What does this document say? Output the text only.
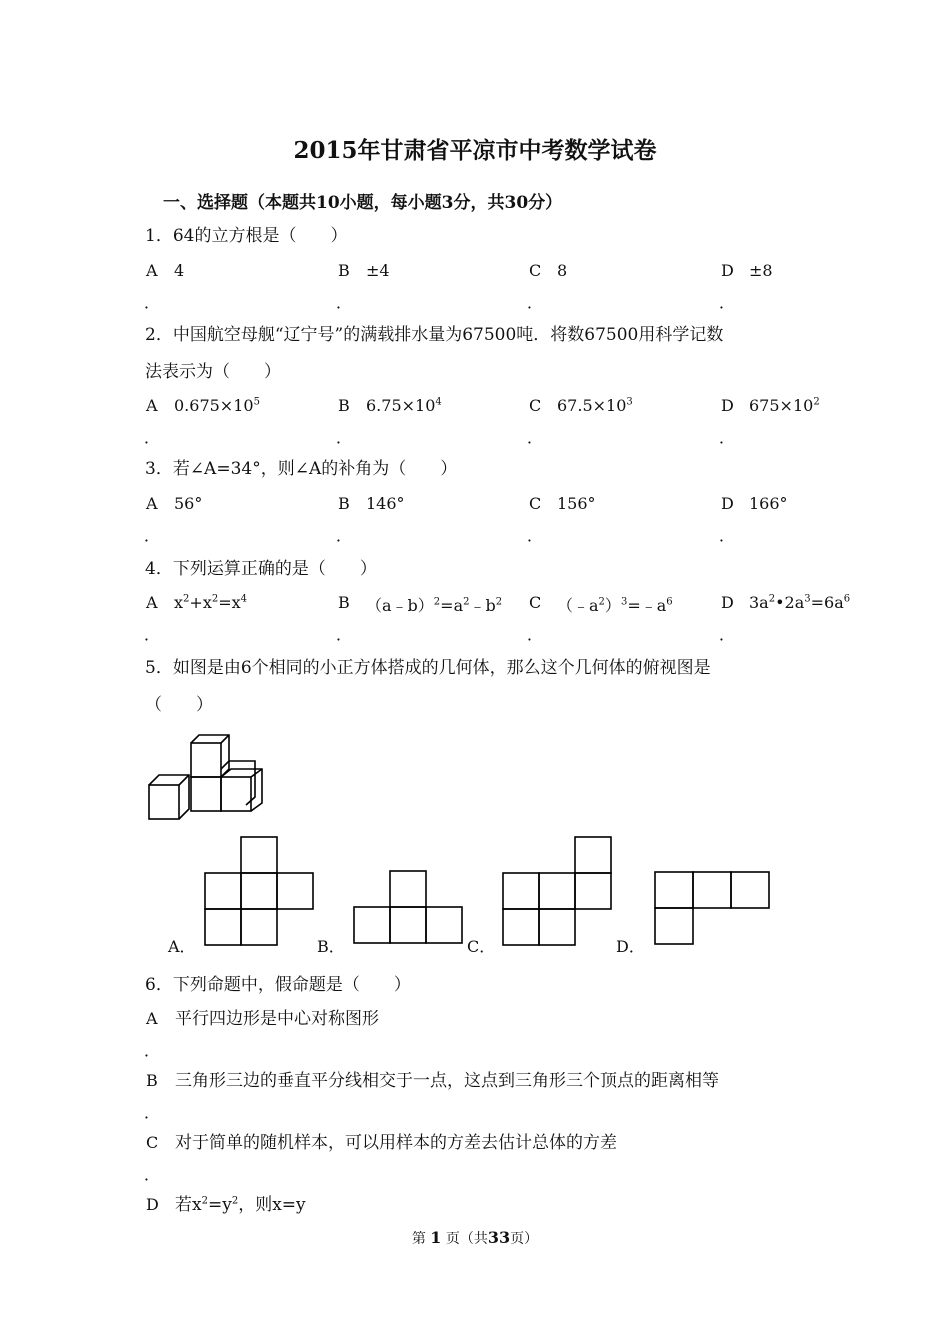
2015年甘肃省平凉市中考数学试卷
一、选择题（本题共10小题，每小题3分，共30分）
1．64的立方根是（　　）
A 4	B ±4	C 8	D ±8
．	．	．	．
2．中国航空母舰“辽宁号”的满载排水量为67500吨．将数67500用科学记数
法表示为（　　）
A $0.675\times 10^5$	B $6.75\times 10^4$	C $67.5\times 10^3$	D $675\times 10^2$
．	．	．	．
3．若∠A=34°，则∠A的补角为（　　）
A 56°	B 146°	C 156°	D 166°
．	．	．	．
4．下列运算正确的是（　　）
A $x^2+x^2=x^4$	B $(a﹣b)^2=a^2﹣b^2$ C $(﹣a^2)^3=﹣a^6$	D $3a^2•2a^3=6a^6$
．	．	．	．
5．如图是由6个相同的小正方体搭成的几何体，那么这个几何体的俯视图是
（　　）
A．	B．	C．	D．
6．下列命题中，假命题是（　　）
A 平行四边形是中心对称图形
．
B 三角形三边的垂直平分线相交于一点，这点到三角形三个顶点的距离相等
．
C 对于简单的随机样本，可以用样本的方差去估计总体的方差
．
D 若$x^2=y^2$，则x=y
第 1 页（共33页）
